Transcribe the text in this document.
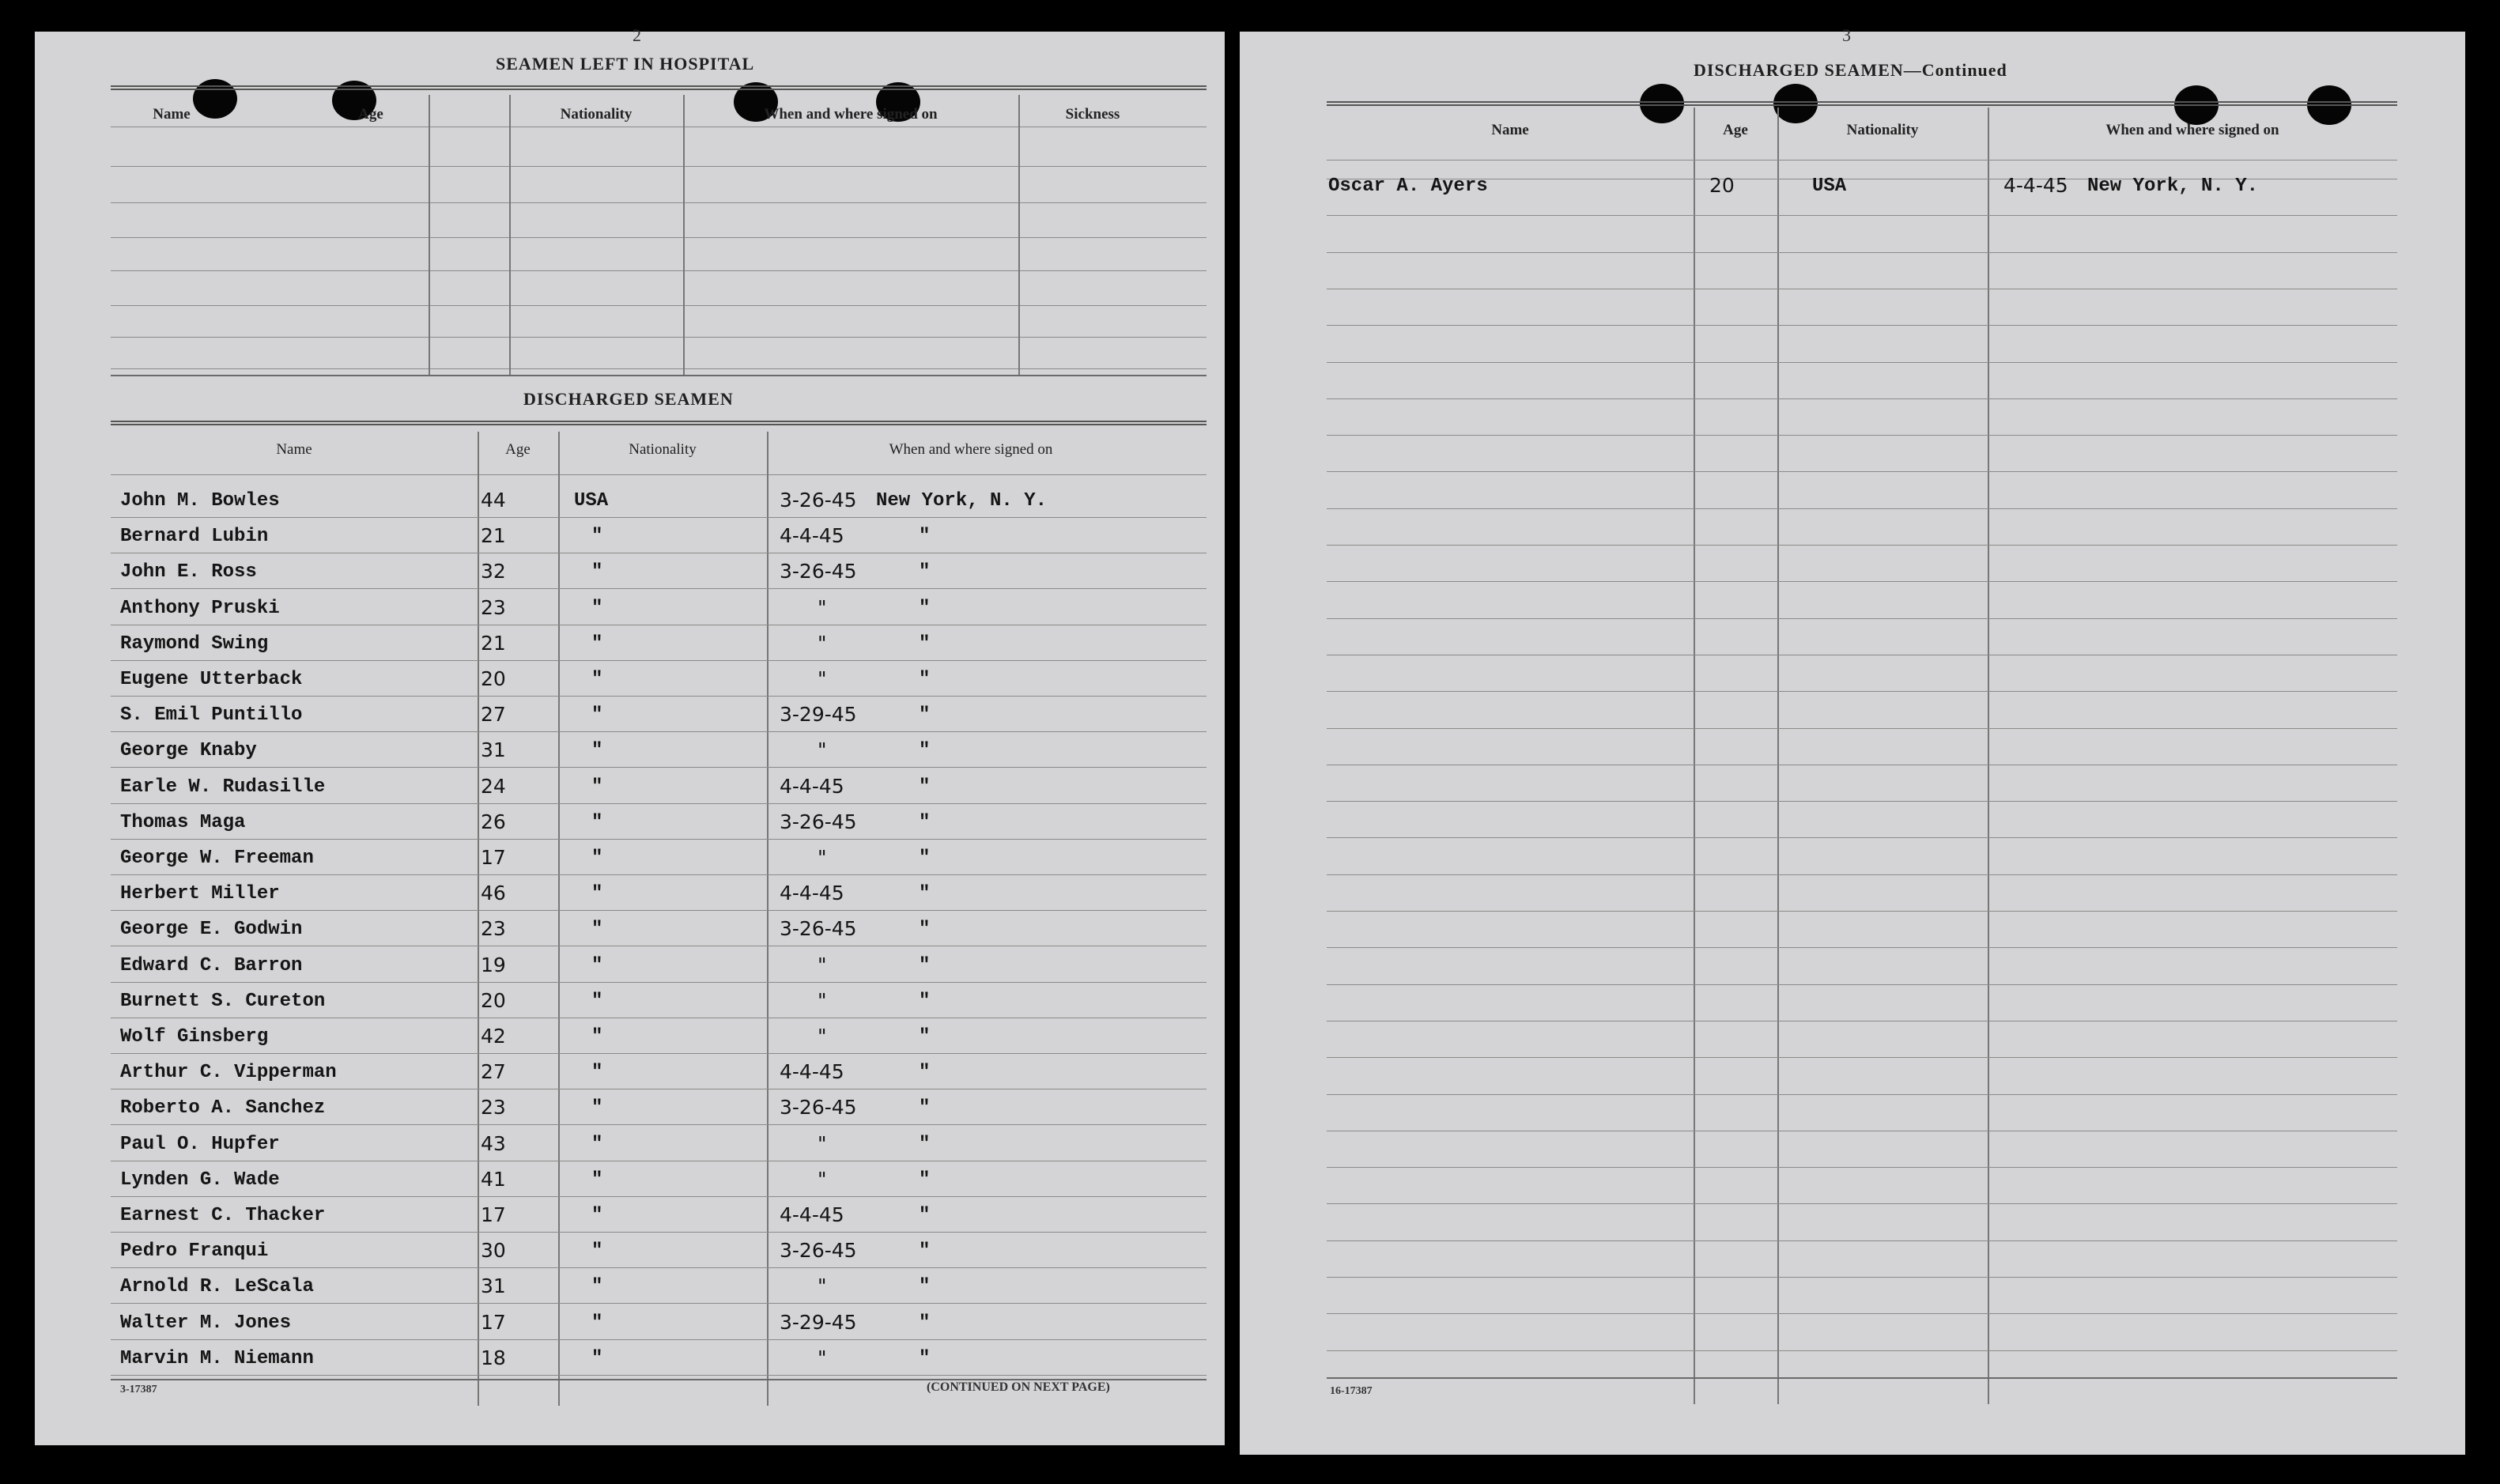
2
SEAMEN LEFT IN HOSPITAL
Name	Age	Nationality	When and where signed on	Sickness
DISCHARGED SEAMEN
Name	Age	Nationality	When and where signed on
John M. Bowles	44	USA	3-26-45 New York, N. Y.
Bernard Lubin	21	"	4-4-45	"
John E. Ross	32	"	3-26-45	"
Anthony Pruski	23	"	"	"
Raymond Swing	21	"	"	"
Eugene Utterback	20	"	"	"
S. Emil Puntillo	27	"	3-29-45	"
George Knaby	31	"	"	"
Earle W. Rudasille	24	"	4-4-45	"
Thomas Maga	26	"	3-26-45	"
George W. Freeman	17	"	"	"
Herbert Miller	46	"	4-4-45	"
George E. Godwin	23	"	3-26-45	"
Edward C. Barron	19	"	"	"
Burnett S. Cureton	20	"	"	"
Wolf Ginsberg	42	"	"	"
Arthur C. Vipperman	27	"	4-4-45	"
Roberto A. Sanchez	23	"	3-26-45	"
Paul O. Hupfer	43	"	"	"
Lynden G. Wade	41	"	"	"
Earnest C. Thacker	17	"	4-4-45	"
Pedro Franqui	30	"	3-26-45	"
Arnold R. LeScala	31	"	"	"
Walter M. Jones	17	"	3-29-45	"
Marvin M. Niemann	18	"	"	"
3-17387	(CONTINUED ON NEXT PAGE)
3
DISCHARGED SEAMEN—Continued
Name	Age	Nationality	When and where signed on
Oscar A. Ayers	20	USA	4-4-45 New York, N. Y.
16-17387
